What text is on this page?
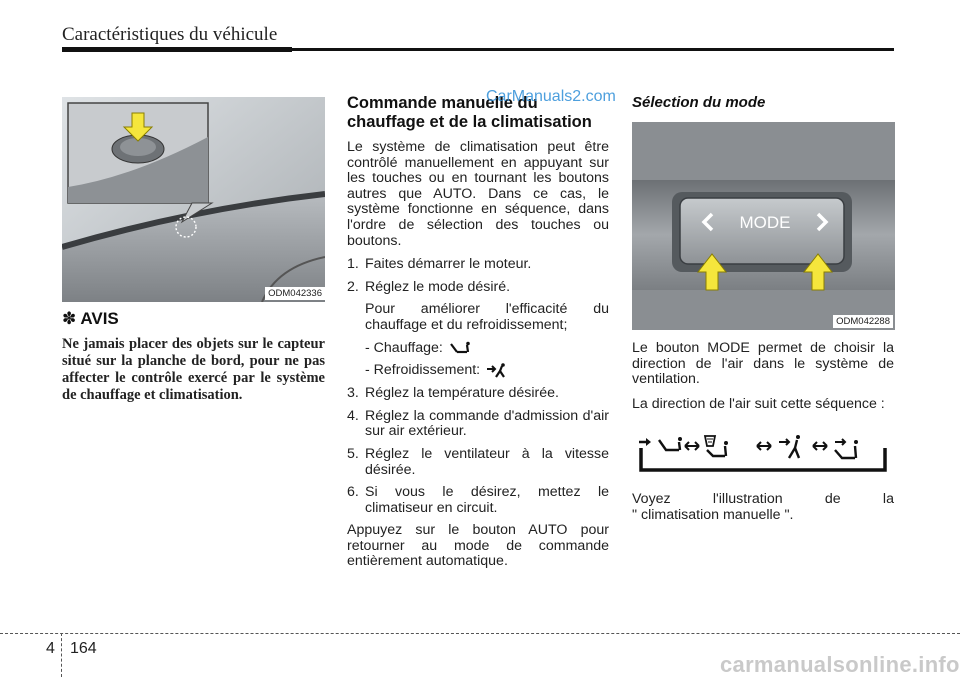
Caractéristiques du véhicule
ODM042336
✽ AVIS
Ne jamais placer des objets sur le capteur situé sur la planche de bord, pour ne pas affecter le contrôle exercé par le système de chauffage et climatisation.
Commande manuelle du chauffage et de la climatisation
CarManuals2.com

Le système de climatisation peut être contrôlé manuellement en appuyant sur les touches ou en tournant les boutons autres que AUTO. Dans ce cas, le système fonctionne en séquence, dans l'ordre de sélection des touches ou boutons.

1. Faites démarrer le moteur.
2. Réglez le mode désiré.
Pour améliorer l'efficacité du chauffage et du refroidissement;
- Chauffage:
- Refroidissement:
3. Réglez la température désirée.
4. Réglez la commande d'admission d'air sur air extérieur.
5. Réglez le ventilateur à la vitesse désirée.
6. Si vous le désirez, mettez le climatiseur en circuit.

Appuyez sur le bouton AUTO pour retourner au mode de commande entièrement automatique.

Sélection du mode
MODE
ODM042288

Le bouton MODE permet de choisir la direction de l'air dans le système de ventilation.

La direction de l'air suit cette séquence :

Voyez	l'illustration	de	la

" climatisation manuelle ".

4 164
carmanualsonline.info
